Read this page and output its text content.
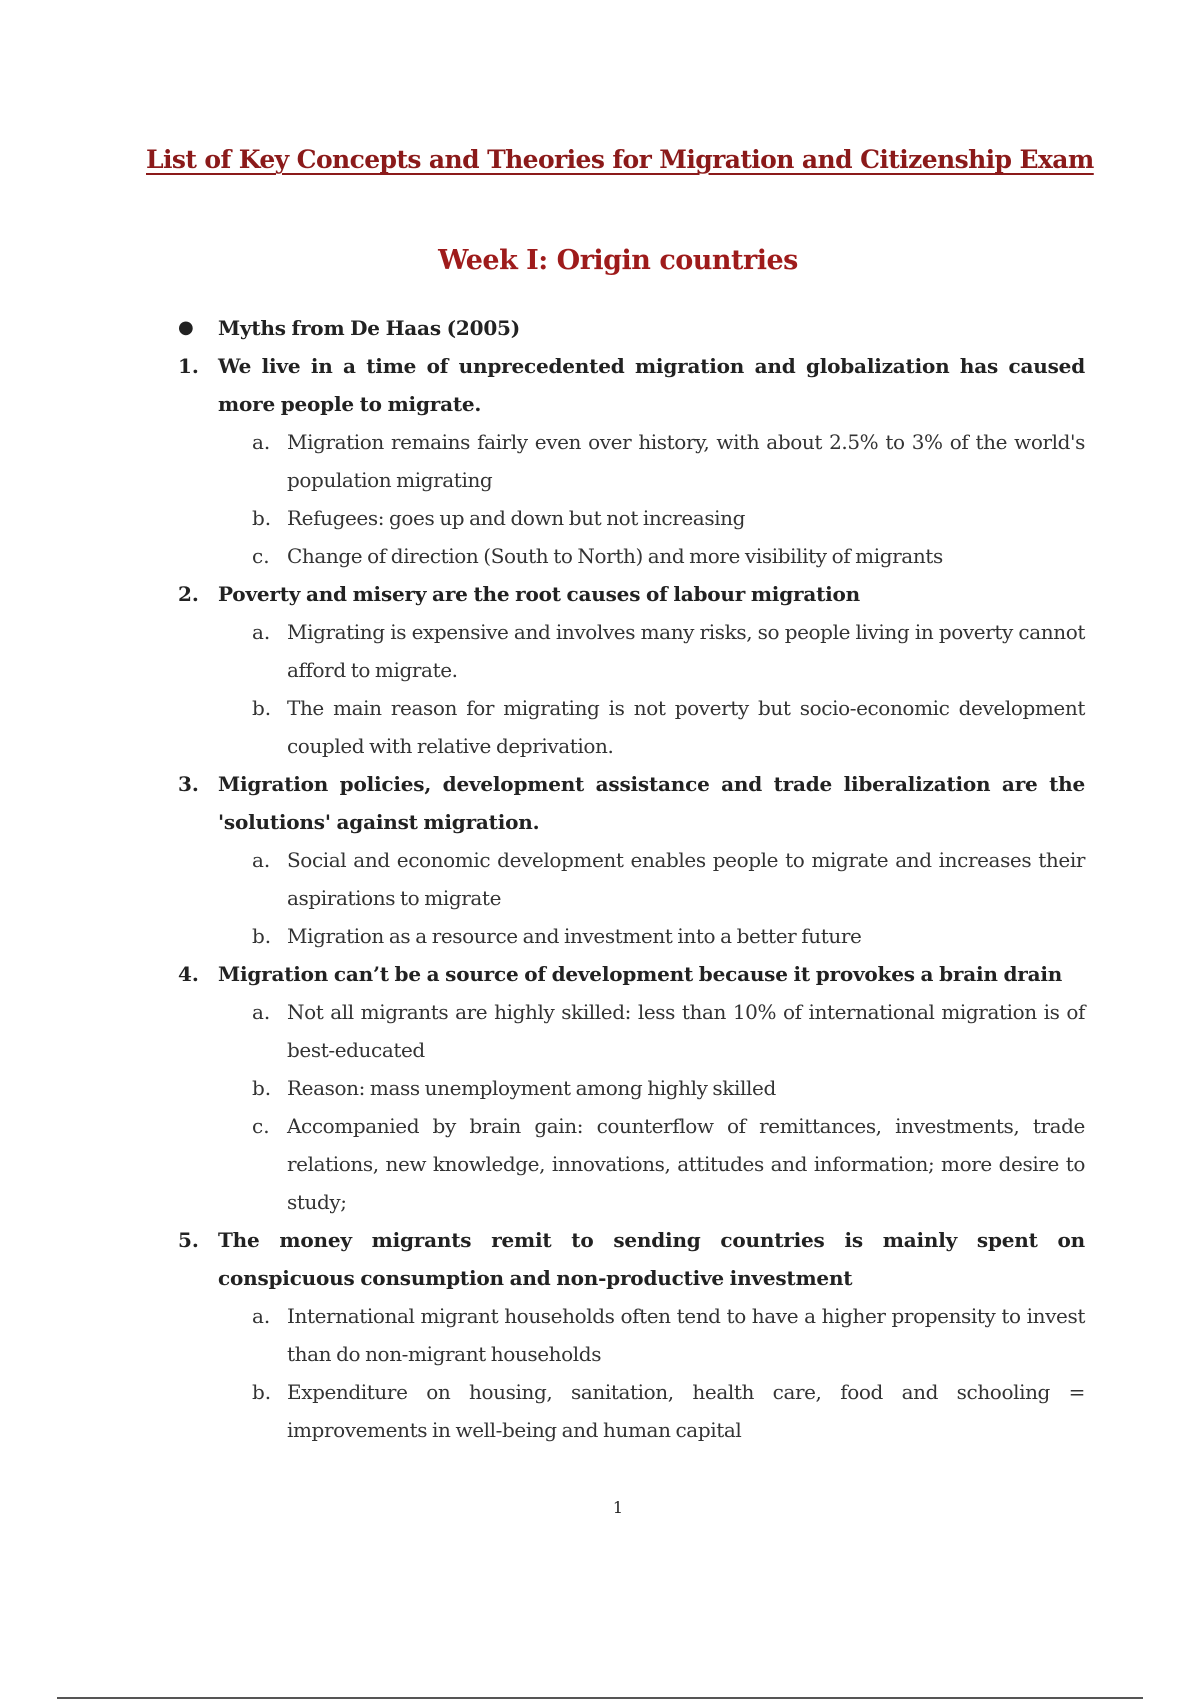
List of Key Concepts and Theories for Migration and Citizenship Exam
Week I: Origin countries
●	Myths from De Haas (2005)
1. We live in a time of unprecedented migration and globalization has caused more people to migrate.
a. Migration remains fairly even over history, with about 2.5% to 3% of the world's population migrating
b. Refugees: goes up and down but not increasing
c. Change of direction (South to North) and more visibility of migrants
2. Poverty and misery are the root causes of labour migration
a. Migrating is expensive and involves many risks, so people living in poverty cannot afford to migrate.
b. The main reason for migrating is not poverty but socio-economic development coupled with relative deprivation.
3. Migration policies, development assistance and trade liberalization are the 'solutions' against migration.
a. Social and economic development enables people to migrate and increases their aspirations to migrate
b. Migration as a resource and investment into a better future
4. Migration can’t be a source of development because it provokes a brain drain
a. Not all migrants are highly skilled: less than 10% of international migration is of best-educated
b. Reason: mass unemployment among highly skilled
c. Accompanied by brain gain: counterflow of remittances, investments, trade relations, new knowledge, innovations, attitudes and information; more desire to study;
5. The money migrants remit to sending countries is mainly spent on conspicuous consumption and non-productive investment
a. International migrant households often tend to have a higher propensity to invest than do non-migrant households
b. Expenditure on housing, sanitation, health care, food and schooling = improvements in well-being and human capital
1
